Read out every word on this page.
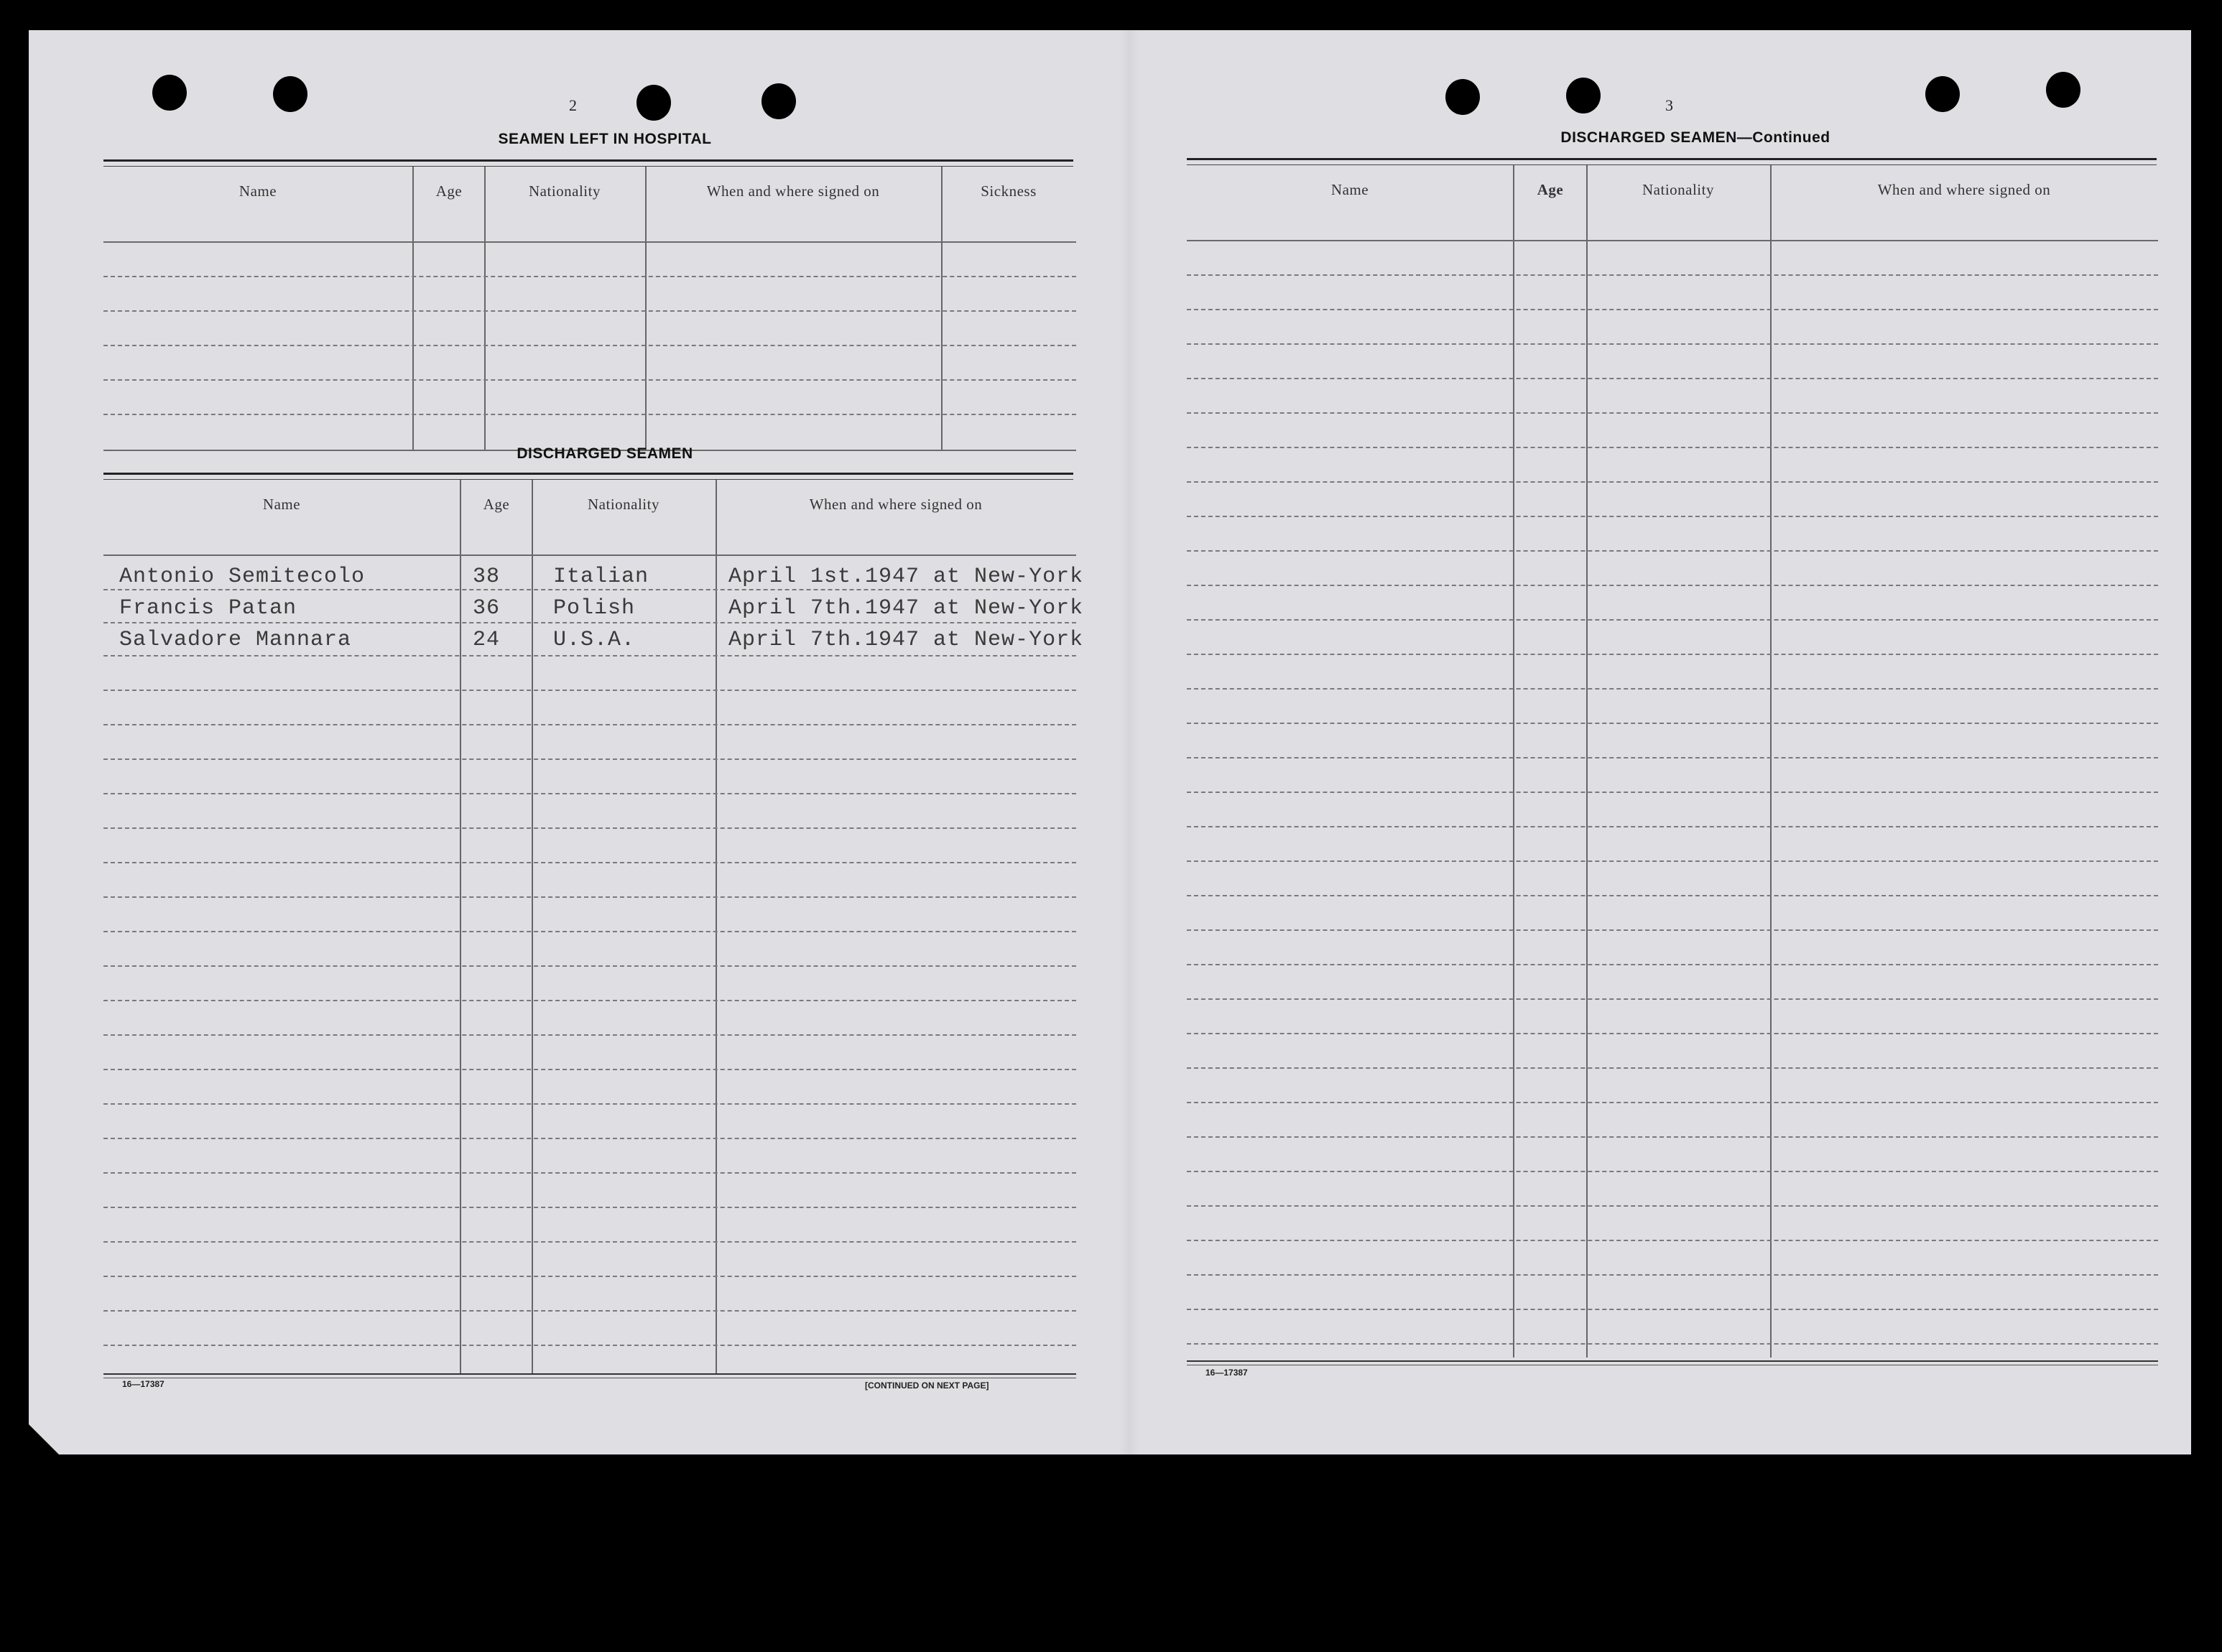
2
SEAMEN LEFT IN HOSPITAL
Name	Age	Nationality	When and where signed on	Sickness
DISCHARGED SEAMEN
Name	Age	Nationality	When and where signed on
Antonio Semitecolo	38 Italian	April 1st.1947 at New-York
Francis Patan	36 Polish	April 7th.1947 at New-York
Salvadore Mannara	24 U.S.A.	April 7th.1947 at New-York
16—17387	[CONTINUED ON NEXT PAGE]
3
DISCHARGED SEAMEN—Continued
Name	Age	Nationality	When and where signed on
16—17387
